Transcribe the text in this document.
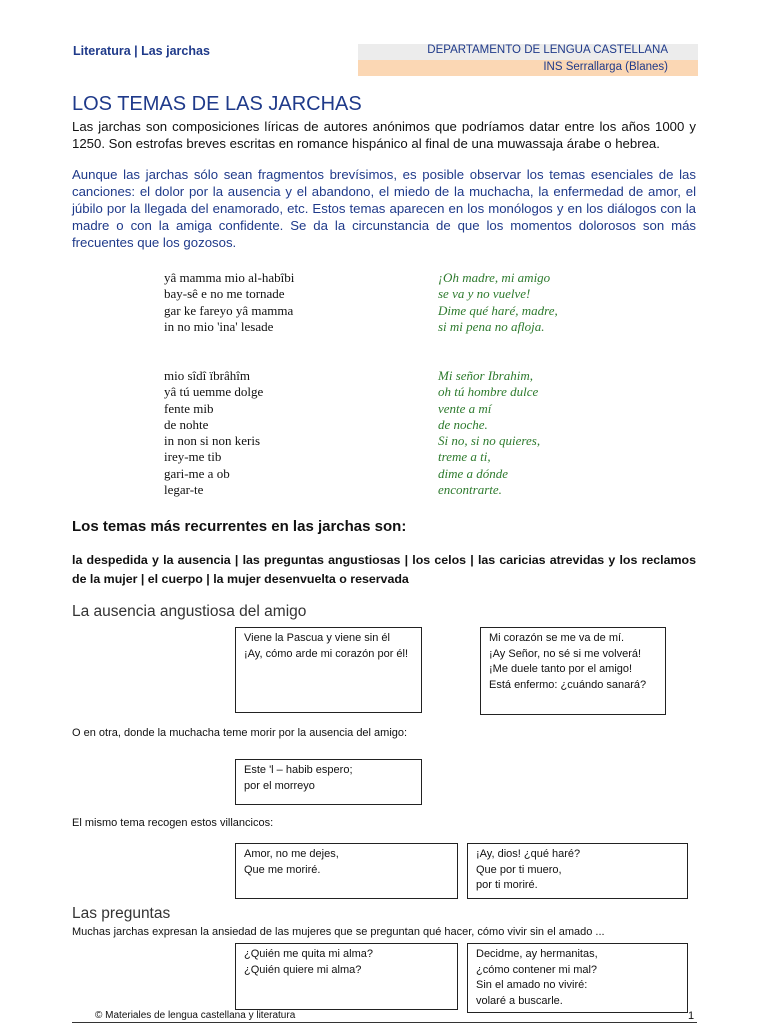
Literatura | Las jarchas	DEPARTAMENTO DE LENGUA CASTELLANA
INS Serrallarga (Blanes)
LOS TEMAS DE LAS JARCHAS
Las jarchas son composiciones líricas de autores anónimos que podríamos datar entre los años 1000 y 1250. Son estrofas breves escritas en romance hispánico al final de una muwassaja árabe o hebrea.
Aunque las jarchas sólo sean fragmentos brevísimos, es posible observar los temas esenciales de las canciones: el dolor por la ausencia y el abandono, el miedo de la muchacha, la enfermedad de amor, el júbilo por la llegada del enamorado, etc. Estos temas aparecen en los monólogos y en los diálogos con la madre o con la amiga confidente. Se da la circunstancia de que los momentos dolorosos son más frecuentes que los gozosos.
yâ mamma mio al-habîbi
bay-sê e no me tornade
gar ke fareyo yâ mamma
in no mio 'ina' lesade
¡Oh madre, mi amigo
se va y no vuelve!
Dime qué haré, madre,
si mi pena no afloja.
mio sîdî ïbrâhîm
yâ tú uemme dolge
fente mib
de nohte
in non si non keris
irey-me tib
gari-me a ob
legar-te
Mi señor Ibrahim,
oh tú hombre dulce
vente a mí
de noche.
Si no, si no quieres,
treme a ti,
dime a dónde
encontrarte.
Los temas más recurrentes en las jarchas son:
la despedida y la ausencia | las preguntas angustiosas | los celos | las caricias atrevidas y los reclamos de la mujer | el cuerpo | la mujer desenvuelta o reservada
La ausencia angustiosa del amigo
Viene la Pascua y viene sin él
¡Ay, cómo arde mi corazón por él!
Mi corazón se me va de mí.
¡Ay Señor, no sé si me volverá!
¡Me duele tanto por el amigo!
Está enfermo: ¿cuándo sanará?
O en otra, donde la muchacha teme morir por la ausencia del amigo:
Este 'l – habib espero;
por el morreyo
El mismo tema recogen estos villancicos:
Amor, no me dejes,
Que me moriré.
¡Ay, dios! ¿qué haré?
Que por ti muero,
por ti moriré.
Las preguntas
Muchas jarchas expresan la ansiedad de las mujeres que se preguntan qué hacer, cómo vivir sin el amado ...
¿Quién me quita mi alma?
¿Quién quiere mi alma?
Decidme, ay hermanitas,
¿cómo contener mi mal?
Sin el amado no viviré:
volaré a buscarle.
© Materiales de lengua castellana y literatura	1
